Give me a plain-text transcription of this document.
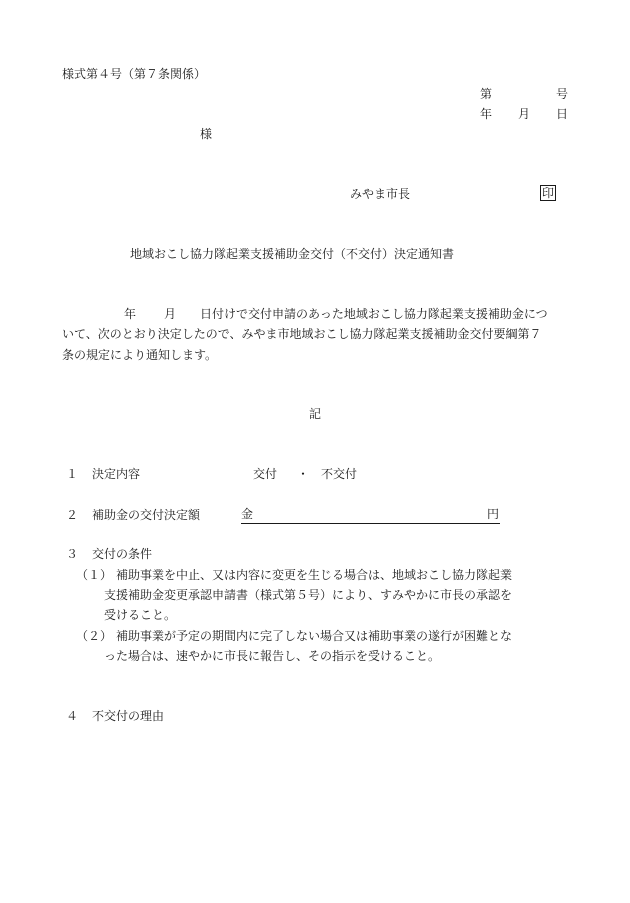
様式第４号（第７条関係）
第	号
年 月 日
様
みやま市長	印
地域おこし協力隊起業支援補助金交付（不交付）決定通知書
年 月 日付けで交付申請のあった地域おこし協力隊起業支援補助金につ
いて、次のとおり決定したので、みやま市地域おこし協力隊起業支援補助金交付要綱第７
条の規定により通知します。
記
１ 決定内容	交付 ・ 不交付
２ 補助金の交付決定額	金	円
３ 交付の条件
（１） 補助事業を中止、又は内容に変更を生じる場合は、地域おこし協力隊起業
支援補助金変更承認申請書（様式第５号）により、すみやかに市長の承認を
受けること。
（２） 補助事業が予定の期間内に完了しない場合又は補助事業の遂行が困難とな
った場合は、速やかに市長に報告し、その指示を受けること。
４ 不交付の理由
